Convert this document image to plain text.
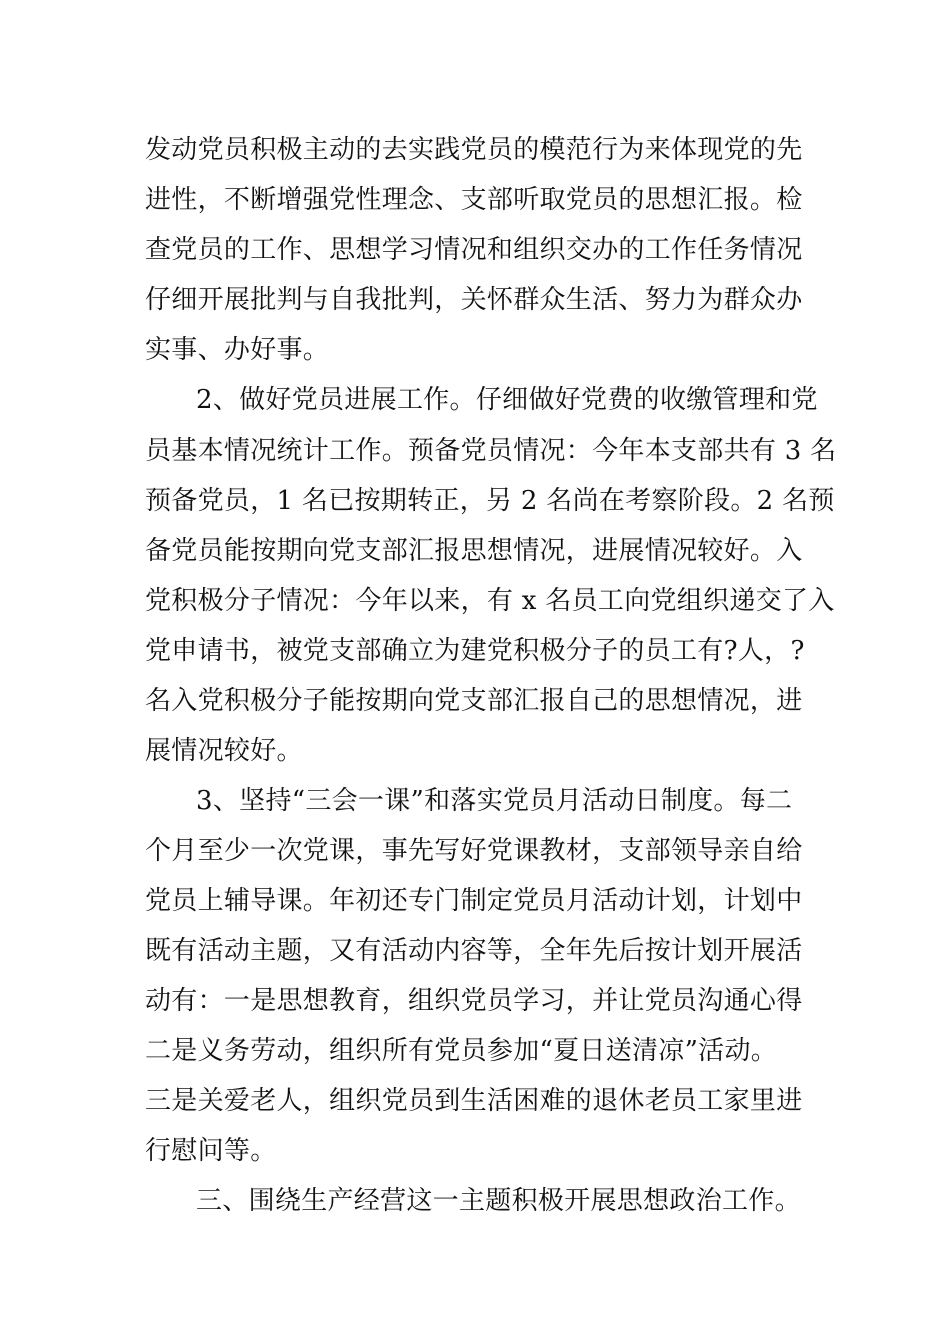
发动党员积极主动的去实践党员的模范行为来体现党的先
进性，不断增强党性理念、支部听取党员的思想汇报。检
查党员的工作、思想学习情况和组织交办的工作任务情况
仔细开展批判与自我批判，关怀群众生活、努力为群众办
实事、办好事。
2、做好党员进展工作。仔细做好党费的收缴管理和党
员基本情况统计工作。预备党员情况：今年本支部共有 3 名
预备党员，1 名已按期转正，另 2 名尚在考察阶段。2 名预
备党员能按期向党支部汇报思想情况，进展情况较好。入
党积极分子情况：今年以来，有 x 名员工向党组织递交了入
党申请书，被党支部确立为建党积极分子的员工有?人，?
名入党积极分子能按期向党支部汇报自己的思想情况，进
展情况较好。
3、坚持“三会一课”和落实党员月活动日制度。每二
个月至少一次党课，事先写好党课教材，支部领导亲自给
党员上辅导课。年初还专门制定党员月活动计划，计划中
既有活动主题，又有活动内容等，全年先后按计划开展活
动有：一是思想教育，组织党员学习，并让党员沟通心得
二是义务劳动，组织所有党员参加“夏日送清凉”活动。
三是关爱老人，组织党员到生活困难的退休老员工家里进
行慰问等。
三、围绕生产经营这一主题积极开展思想政治工作。
